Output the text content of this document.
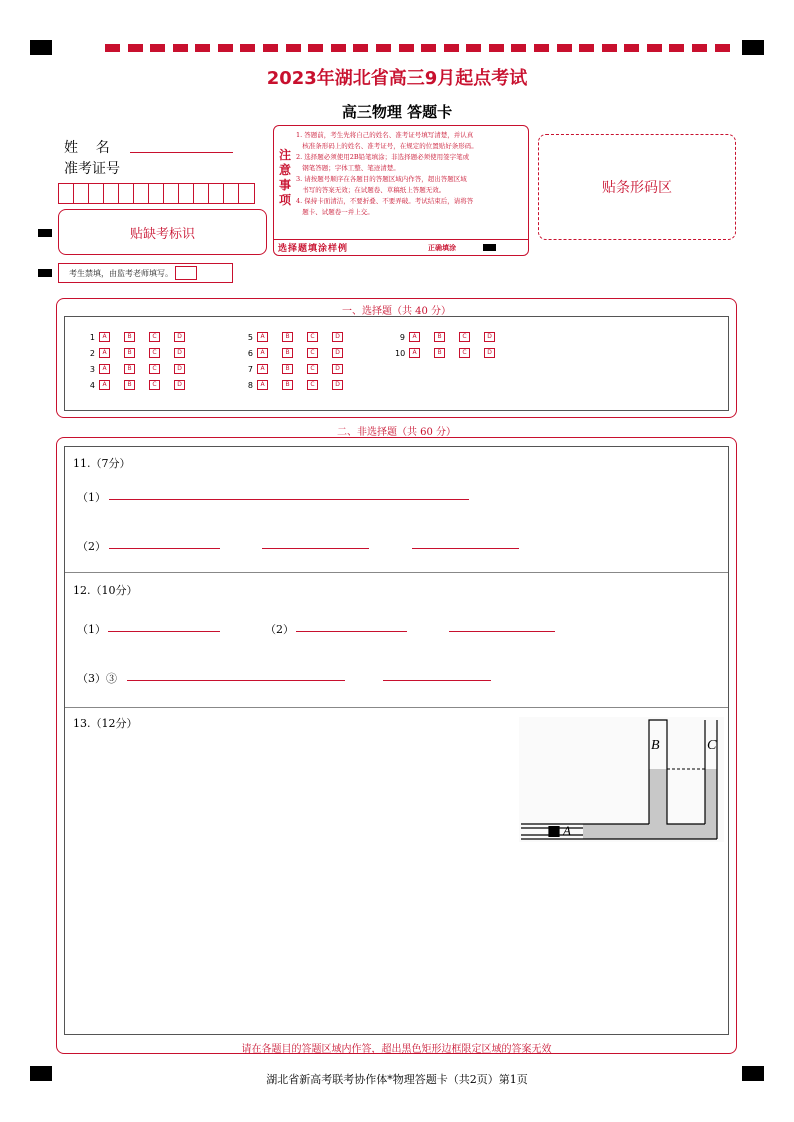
2023年湖北省高三9月起点考试
高三物理 答题卡
姓    名
准考证号
贴缺考标识
考生禁填，由监考老师填写。
注
意
事
项
1. 答题前，考生先将自己的姓名、准考证号填写清楚，并认真
核准条形码上的姓名、准考证号，在规定的位置贴好条形码。
2. 选择题必须使用2B铅笔填涂；非选择题必须使用签字笔或
钢笔答题；字体工整、笔迹清楚。
3. 请按题号顺序在各题目的答题区域内作答，超出答题区域
书写的答案无效；在试题卷、草稿纸上答题无效。
4. 保持卡面清洁，不要折叠、不要弄破。考试结束后，请将答
题卡、试题卷一并上交。
选择题填涂样例	正确填涂
贴条形码区
一、选择题（共 40 分）
1	A	B	C	D
2	A	B	C	D
3	A	B	C	D
4	A	B	C	D
5	A	B	C	D
6	A	B	C	D
7	A	B	C	D
8	A	B	C	D
9	A	B	C	D
10	A	B	C	D
二、非选择题（共 60 分）
11.（7分）
（1）
（2）
12.（10分）
（1）	（2）
（3）③
13.（12分）
A
B	C
请在各题目的答题区域内作答，超出黑色矩形边框限定区域的答案无效
湖北省新高考联考协作体*物理答题卡（共2页）第1页
